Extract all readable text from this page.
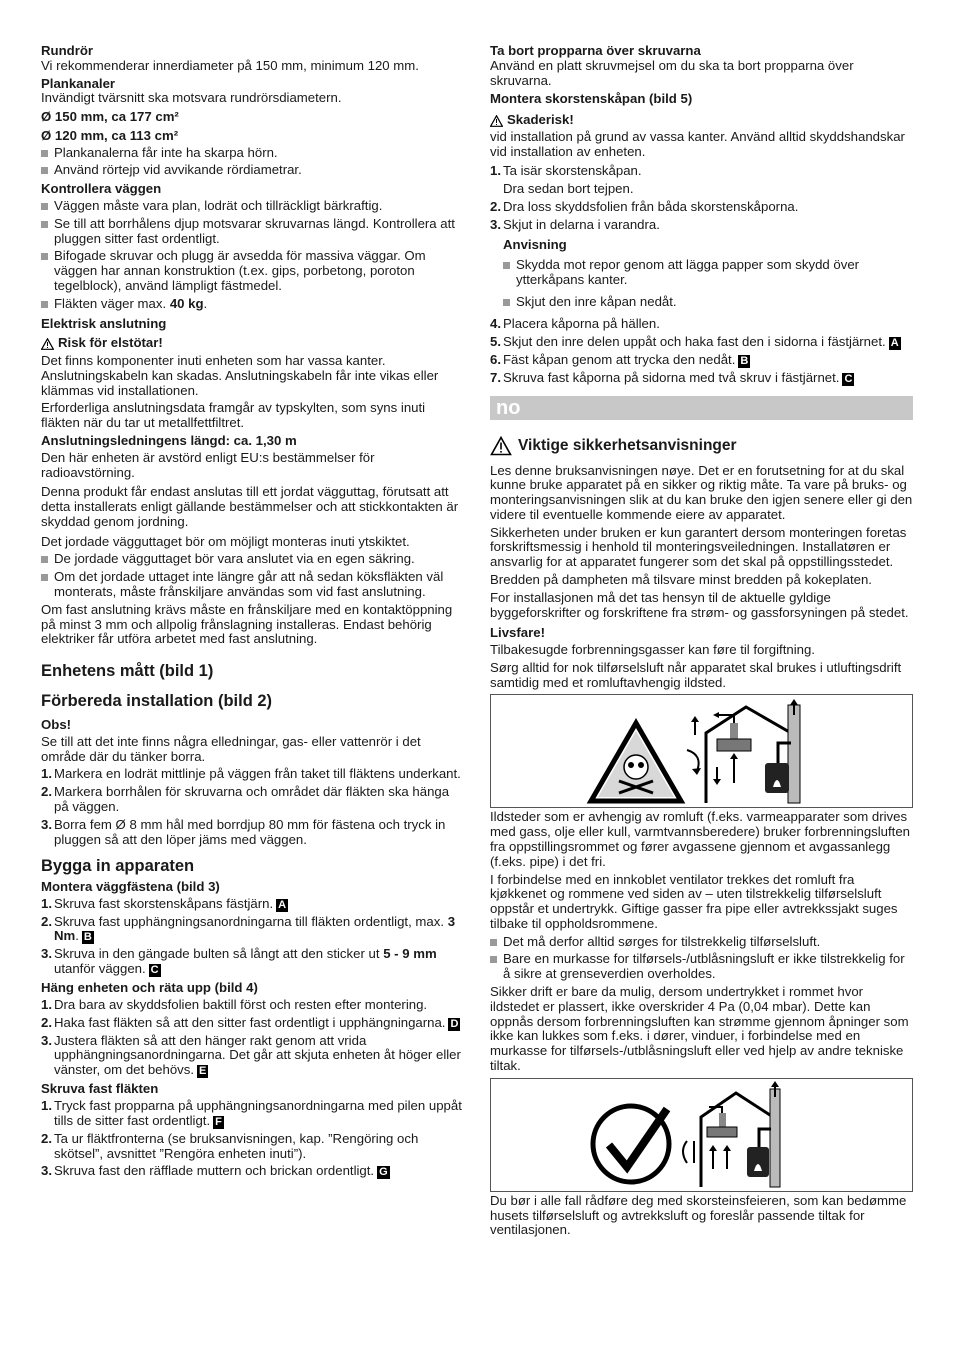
Rundrör

Vi rekommenderar innerdiameter på 150 mm, minimum 120 mm.

Plankanaler

Invändigt tvärsnitt ska motsvara rundrörsdiametern.

Ø 150 mm, ca 177 cm²
Ø 120 mm, ca 113 cm²
Plankanalerna får inte ha skarpa hörn.
Använd rörtejp vid avvikande rördiametrar.
Kontrollera väggen
Väggen måste vara plan, lodrät och tillräckligt bärkraftig.
Se till att borrhålens djup motsvarar skruvarnas längd. Kontrollera att pluggen sitter fast ordentligt.
Bifogade skruvar och plugg är avsedda för massiva väggar. Om väggen har annan konstruktion (t.ex. gips, porbetong, poroton tegelblock), använd lämpligt fästmedel.
Fläkten väger max. 40 kg.
Elektrisk anslutning
Risk för elstötar!

Det finns komponenter inuti enheten som har vassa kanter. Anslutningskabeln kan skadas. Anslutningskabeln får inte vikas eller klämmas vid installationen.

Erforderliga anslutningsdata framgår av typskylten, som syns inuti fläkten när du tar ut metallfettfiltret.

Anslutningsledningens längd: ca. 1,30 m

Den här enheten är avstörd enligt EU:s bestämmelser för radioavstörning.

Denna produkt får endast anslutas till ett jordat vägguttag, förutsatt att detta installerats enligt gällande bestämmelser och att stickkontakten är skyddad genom jordning.

Det jordade vägguttaget bör om möjligt monteras inuti ytskiktet.

De jordade vägguttaget bör vara anslutet via en egen säkring.
Om det jordade uttaget inte längre går att nå sedan köksfläkten väl monterats, måste frånskiljare användas som vid fast anslutning.

Om fast anslutning krävs måste en frånskiljare med en kontaktöppning på minst 3 mm och allpolig frånslagning installeras. Endast behörig elektriker får utföra arbetet med fast anslutning.

Enhetens mått (bild 1)
Förbereda installation (bild 2)
Obs!

Se till att det inte finns några elledningar, gas- eller vattenrör i det område där du tänker borra.

1. Markera en lodrät mittlinje på väggen från taket till fläktens underkant.
2. Markera borrhålen för skruvarna och området där fläkten ska hänga på väggen.
3. Borra fem Ø 8 mm hål med borrdjup 80 mm för fästena och tryck in pluggen så att den löper jäms med väggen.
Bygga in apparaten
Montera väggfästena (bild 3)
1. Skruva fast skorstenskåpans fästjärn. A
2. Skruva fast upphängningsanordningarna till fläkten ordentligt, max. 3 Nm. B
3. Skruva in den gängade bulten så långt att den sticker ut 5 - 9 mm utanför väggen. C
Häng enheten och räta upp (bild 4)
1. Dra bara av skyddsfolien baktill först och resten efter montering.
2. Haka fast fläkten så att den sitter fast ordentligt i upphängningarna. D
3. Justera fläkten så att den hänger rakt genom att vrida upphängningsanordningarna. Det går att skjuta enheten åt höger eller vänster, om det behövs. E
Skruva fast fläkten
1. Tryck fast propparna på upphängningsanordningarna med pilen uppåt tills de sitter fast ordentligt. F
2. Ta ur fläktfronterna (se bruksanvisningen, kap. ”Rengöring och skötsel”, avsnittet ”Rengöra enheten inuti”).
3. Skruva fast den räfflade muttern och brickan ordentligt. G
Ta bort propparna över skruvarna

Använd en platt skruvmejsel om du ska ta bort propparna över skruvarna.

Montera skorstenskåpan (bild 5)
Skaderisk!

vid installation på grund av vassa kanter. Använd alltid skyddshandskar vid installation av enheten.

1. Ta isär skorstenskåpan.
Dra sedan bort tejpen.
2. Dra loss skyddsfolien från båda skorstenskåporna.
3. Skjut in delarna i varandra.
Anvisning
Skydda mot repor genom att lägga papper som skydd över ytterkåpans kanter.
Skjut den inre kåpan nedåt.
4. Placera kåporna på hällen.
5. Skjut den inre delen uppåt och haka fast den i sidorna i fästjärnet. A
6. Fäst kåpan genom att trycka den nedåt. B
7. Skruva fast kåporna på sidorna med två skruv i fästjärnet. C
no
Viktige sikkerhetsanvisninger

Les denne bruksanvisningen nøye. Det er en forutsetning for at du skal kunne bruke apparatet på en sikker og riktig måte. Ta vare på bruks- og monteringsanvisningen slik at du kan bruke den igjen senere eller gi den videre til eventuelle kommende eiere av apparatet.

Sikkerheten under bruken er kun garantert dersom monteringen foretas forskriftsmessig i henhold til monteringsveiledningen. Installatøren er ansvarlig for at apparatet fungerer som det skal på oppstillingsstedet.

Bredden på dampheten må tilsvare minst bredden på kokeplaten.

For installasjonen må det tas hensyn til de aktuelle gyldige byggeforskrifter og forskriftene fra strøm- og gassforsyningen på stedet.

Livsfare!

Tilbakesugde forbrenningsgasser kan føre til forgiftning.

Sørg alltid for nok tilførselsluft når apparatet skal brukes i utluftingsdrift samtidig med et romluftavhengig ildsted.

Ildsteder som er avhengig av romluft (f.eks. varmeapparater som drives med gass, olje eller kull, varmtvannsberedere) bruker forbrenningsluften fra oppstillingsrommet og fører avgassene gjennom et avgassanlegg (f.eks. pipe) i det fri.

I forbindelse med en innkoblet ventilator trekkes det romluft fra kjøkkenet og rommene ved siden av – uten tilstrekkelig tilførselsluft oppstår et undertrykk. Giftige gasser fra pipe eller avtrekkssjakt suges tilbake til oppholdsrommene.

Det må derfor alltid sørges for tilstrekkelig tilførselsluft.
Bare en murkasse for tilførsels-/utblåsningsluft er ikke tilstrekkelig for å sikre at grenseverdien overholdes.

Sikker drift er bare da mulig, dersom undertrykket i rommet hvor ildstedet er plassert, ikke overskrider 4 Pa (0,04 mbar). Dette kan oppnås dersom forbrenningsluften kan strømme gjennom åpninger som ikke kan lukkes som f.eks. i dører, vinduer, i forbindelse med en murkasse for tilførsels-/utblåsningsluft eller ved hjelp av andre tekniske tiltak.

Du bør i alle fall rådføre deg med skorsteinsfeieren, som kan bedømme husets tilførselsluft og avtrekksluft og foreslår passende tiltak for ventilasjonen.
